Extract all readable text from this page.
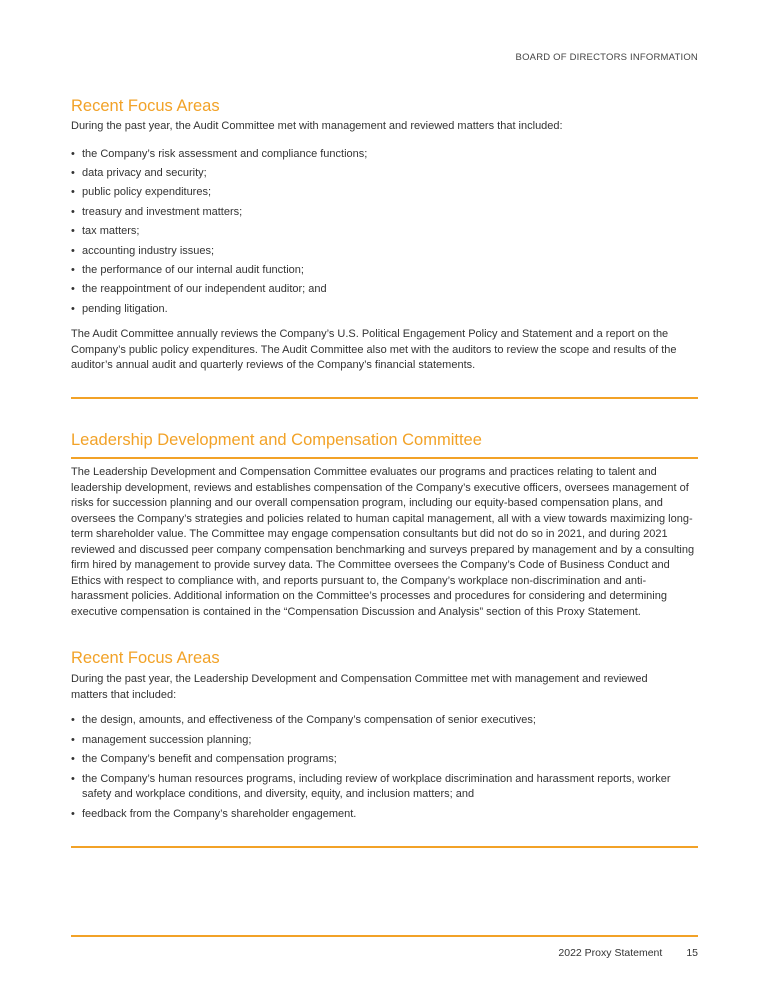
BOARD OF DIRECTORS INFORMATION
Recent Focus Areas

During the past year, the Audit Committee met with management and reviewed matters that included:

• the Company’s risk assessment and compliance functions;
• data privacy and security;
• public policy expenditures;
• treasury and investment matters;
• tax matters;
• accounting industry issues;
• the performance of our internal audit function;
• the reappointment of our independent auditor; and
• pending litigation.

The Audit Committee annually reviews the Company’s U.S. Political Engagement Policy and Statement and a report on the Company’s public policy expenditures. The Audit Committee also met with the auditors to review the scope and results of the auditor’s annual audit and quarterly reviews of the Company’s financial statements.

Leadership Development and Compensation Committee

The Leadership Development and Compensation Committee evaluates our programs and practices relating to talent and leadership development, reviews and establishes compensation of the Company’s executive officers, oversees management of risks for succession planning and our overall compensation program, including our equity-based compensation plans, and oversees the Company’s strategies and policies related to human capital management, all with a view towards maximizing long-term shareholder value. The Committee may engage compensation consultants but did not do so in 2021, and during 2021 reviewed and discussed peer company compensation benchmarking and surveys prepared by management and by a consulting firm hired by management to provide survey data. The Committee oversees the Company’s Code of Business Conduct and Ethics with respect to compliance with, and reports pursuant to, the Company’s workplace non-discrimination and anti-harassment policies. Additional information on the Committee’s processes and procedures for considering and determining executive compensation is contained in the “Compensation Discussion and Analysis” section of this Proxy Statement.

Recent Focus Areas

During the past year, the Leadership Development and Compensation Committee met with management and reviewed matters that included:

• the design, amounts, and effectiveness of the Company’s compensation of senior executives;
• management succession planning;
• the Company’s benefit and compensation programs;
• the Company’s human resources programs, including review of workplace discrimination and harassment reports, worker safety and workplace conditions, and diversity, equity, and inclusion matters; and
• feedback from the Company’s shareholder engagement.
2022 Proxy Statement 15
